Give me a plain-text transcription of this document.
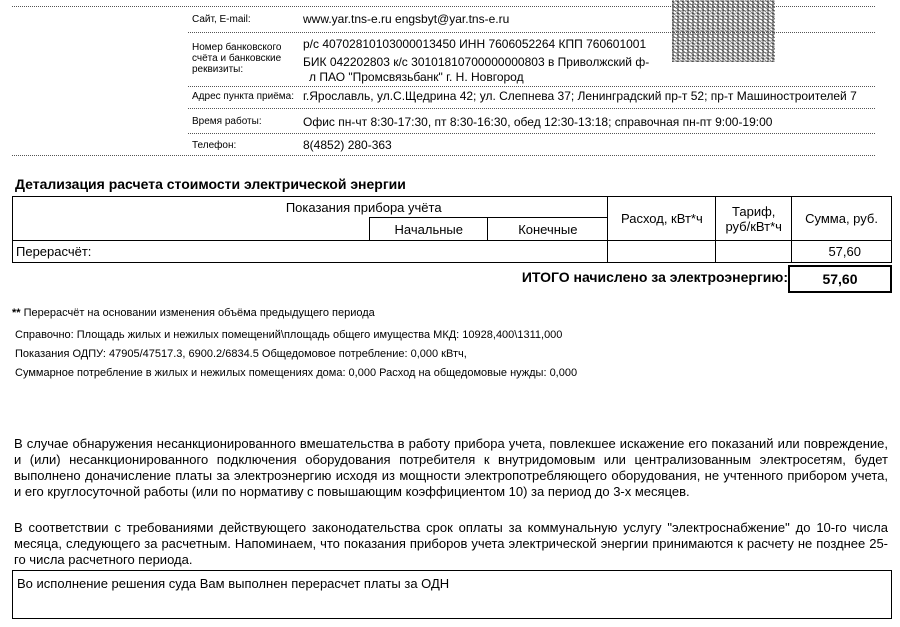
Сайт, E-mail:	www.yar.tns-e.ru engsbyt@yar.tns-e.ru
Номер банковского счёта и банковские реквизиты:
р/с 40702810103000013450 ИНН 7606052264 КПП 760601001
БИК 042202803 к/с 30101810700000000803 в Приволжский ф-
л ПАО "Промсвязьбанк" г. Н. Новгород
Адрес пункта приёма: г.Ярославль, ул.С.Щедрина 42; ул. Слепнева 37; Ленинградский пр-т 52; пр-т Машиностроителей 7
Время работы:	Офис пн-чт 8:30-17:30, пт 8:30-16:30, обед 12:30-13:18; справочная пн-пт 9:00-19:00
Телефон:	8(4852) 280-363
Детализация расчета стоимости электрической энергии
Показания прибора учёта			Расход, кВт*ч	Тариф, руб/кВт*ч	Сумма, руб.
	Начальные	Конечные			
Перерасчёт:					57,60
ИТОГО начислено за электроэнергию:	57,60
** Перерасчёт на основании изменения объёма предыдущего периода
Справочно: Площадь жилых и нежилых помещений\площадь общего имущества МКД: 10928,400\1311,000
Показания ОДПУ: 47905/47517.3, 6900.2/6834.5 Общедомовое потребление: 0,000 кВтч,
Суммарное потребление в жилых и нежилых помещениях дома: 0,000 Расход на общедомовые нужды: 0,000
В случае обнаружения несанкционированного вмешательства в работу прибора учета, повлекшее искажение его показаний или повреждение, и (или) несанкционированного подключения оборудования потребителя к внутридомовым или централизованным электросетям, будет выполнено доначисление платы за электроэнергию исходя из мощности электропотребляющего оборудования, не учтенного прибором учета, и его круглосуточной работы (или по нормативу с повышающим коэффициентом 10) за период до 3-х месяцев.
В соответствии с требованиями действующего законодательства срок оплаты за коммунальную услугу "электроснабжение" до 10-го числа месяца, следующего за расчетным. Напоминаем, что показания приборов учета электрической энергии принимаются к расчету не позднее 25-го числа расчетного периода.
Во исполнение решения суда Вам выполнен перерасчет платы за ОДН
